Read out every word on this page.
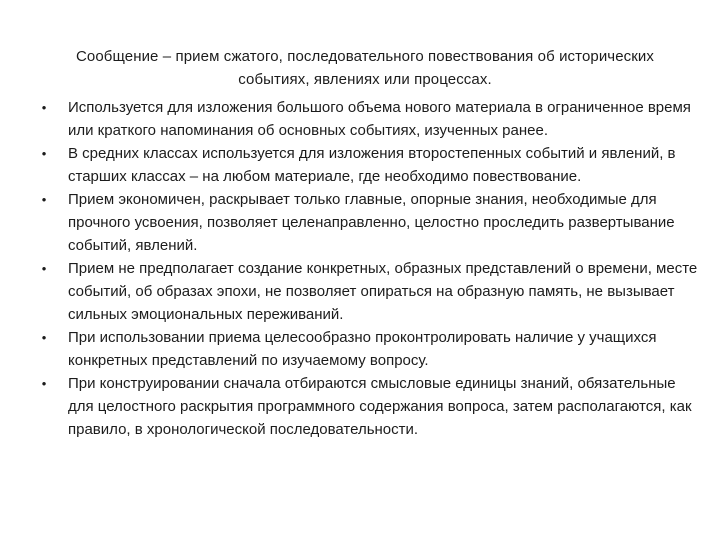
Сообщение – прием сжатого, последовательного повествования об исторических событиях, явлениях или процессах.
• Используется для изложения большого объема нового материала в ограниченное время или краткого напоминания об основных событиях, изученных ранее.
• В средних классах используется для изложения второстепенных событий и явлений, в старших классах – на любом материале, где необходимо повествование.
• Прием экономичен, раскрывает только главные, опорные знания, необходимые для прочного усвоения, позволяет целенаправленно, целостно проследить развертывание событий, явлений.
• Прием не предполагает создание конкретных, образных представлений о времени, месте событий, об образах эпохи, не позволяет опираться на образную память, не вызывает сильных эмоциональных переживаний.
• При использовании приема целесообразно проконтролировать наличие у учащихся конкретных представлений по изучаемому вопросу.
• При конструировании сначала отбираются смысловые единицы знаний, обязательные для целостного раскрытия программного содержания вопроса, затем располагаются, как правило, в хронологической последовательности.
